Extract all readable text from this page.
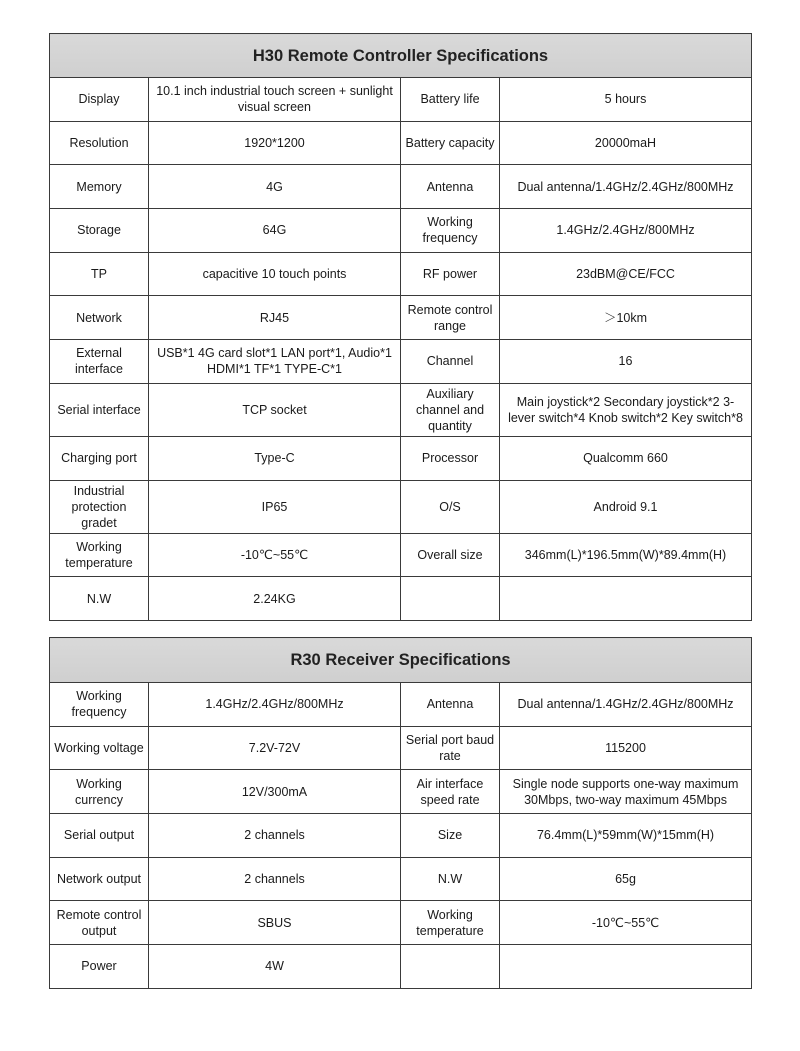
H30 Remote Controller Specifications			
Display	10.1 inch industrial touch screen + sunlight visual screen	Battery life	5 hours
Resolution	1920*1200	Battery capacity	20000maH
Memory	4G	Antenna	Dual antenna/1.4GHz/2.4GHz/800MHz
Storage	64G	Working frequency	1.4GHz/2.4GHz/800MHz
TP	capacitive 10 touch points	RF power	23dBM@CE/FCC
Network	RJ45	Remote control range	＞10km
External interface	USB*1 4G card slot*1 LAN port*1, Audio*1 HDMI*1 TF*1 TYPE-C*1	Channel	16
Serial interface	TCP socket	Auxiliary channel and quantity	Main joystick*2 Secondary joystick*2 3-lever switch*4 Knob switch*2 Key switch*8
Charging port	Type-C	Processor	Qualcomm 660
Industrial protection gradet	IP65	O/S	Android 9.1
Working temperature	-10℃~55℃	Overall size	346mm(L)*196.5mm(W)*89.4mm(H)
N.W	2.24KG		
R30 Receiver Specifications			
Working frequency	1.4GHz/2.4GHz/800MHz	Antenna	Dual antenna/1.4GHz/2.4GHz/800MHz
Working voltage	7.2V-72V	Serial port baud rate	115200
Working currency	12V/300mA	Air interface speed rate	Single node supports one-way maximum 30Mbps, two-way maximum 45Mbps
Serial output	2 channels	Size	76.4mm(L)*59mm(W)*15mm(H)
Network output	2 channels	N.W	65g
Remote control output	SBUS	Working temperature	-10℃~55℃
Power	4W		
